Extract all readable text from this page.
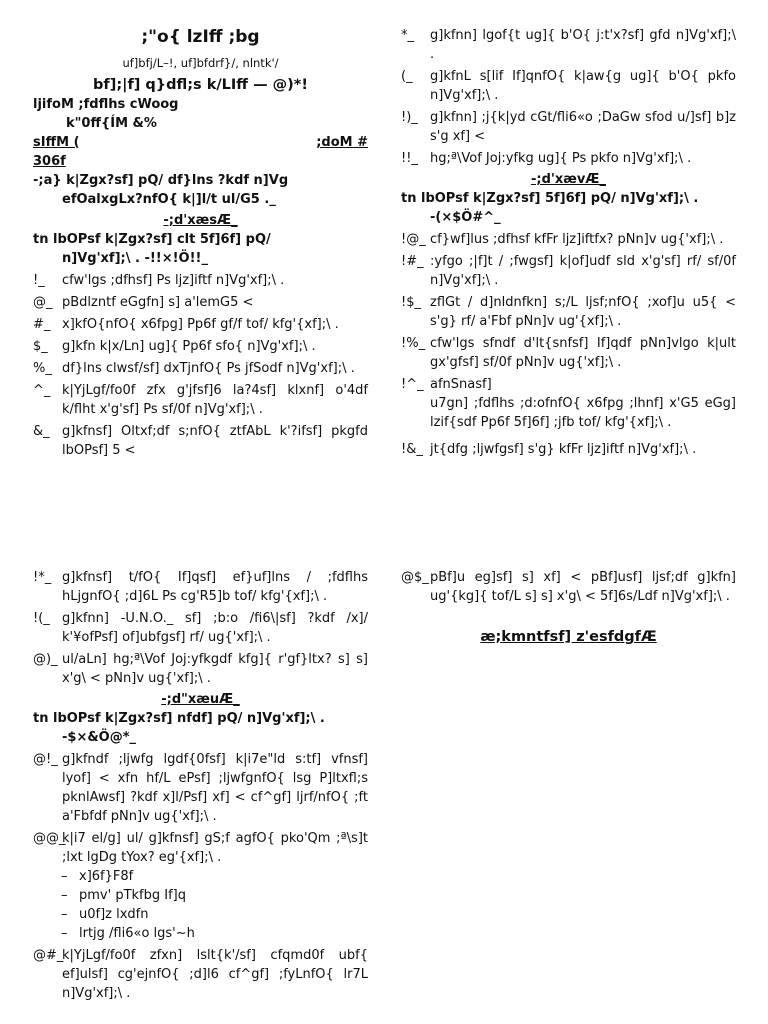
;"o{ lzIff ;bg
uf]bfj/L–!, uf]bfdrf}/, nlntk'/
bf];|f] q}dfl;s k/LIff — @)*!
ljifoM ;fdflhs cWoog
k"0ff{ÍM &%
sIffM (	;doM #
306f
-;a} k|Zgx?sf] pQ/ df}lns ?kdf n]Vg
efOalxgLx?nfO{ k|]l/t ul/G5 ._
-;d'xæsÆ_
tn lbOPsf k|Zgx?sf] clt 5f]6f] pQ/
n]Vg'xf];\ . -!!×!Ö!!_
!_ cfw'lgs ;dfhsf] Ps ljz]iftf n]Vg'xf];\ .
@_ pBdlzntf eGgfn] s] a'lemG5 <
#_ x]kfO{nfO{ x6fpg] Pp6f gf/f tof/ kfg'{xf];\ .
$_ g]kfn k|x/Ln] ug]{ Pp6f sfo{ n]Vg'xf];\ .
%_ df}lns clwsf/sf] dxTjnfO{ Ps jfSodf n]Vg'xf];\ .
^_ k|YjLgf/fo0f zfx g'jfsf]6 la?4sf] klxnf] o'4df k/flht x'g'sf] Ps sf/0f n]Vg'xf];\ .
&_ g]kfnsf] Oltxf;df s;nfO{ ztfAbL k'?ifsf] pkgfd lbOPsf] 5 <
*_ g]kfnn] lgof{t ug]{ b'O{ j:t'x?sf] gfd n]Vg'xf];\ .
(_ g]kfnL s[lif If]qnfO{ k|aw{g ug]{ b'O{ pkfo n]Vg'xf];\ .
!)_ g]kfnn] ;j{k|yd cGt/fli6«o ;DaGw sfod u/]sf] b]z s'g xf] <
!!_ hg;ª\Vof Joj:yfkg ug]{ Ps pkfo n]Vg'xf];\ .
-;d'xævÆ_
tn lbOPsf k|Zgx?sf] 5f]6f] pQ/ n]Vg'xf];\ .
-(×$Ö#^_
!@_ cf}wf]lus ;dfhsf kfFr ljz]iftfx? pNn]v ug{'xf];\ .
!#_ :yfgo ;|f]t / ;fwgsf] k|of]udf sld x'g'sf] rf/ sf/0f n]Vg'xf];\ .
!$_ zflGt / d]nldnfkn] s;/L ljsf;nfO{ ;xof]u u5{ < s'g} rf/ a'Fbf pNn]v ug'{xf];\ .
!%_ cfw'lgs sfndf d'lt{snfsf] If]qdf pNn]vlgo k|ult gx'gfsf] sf/0f pNn]v ug{'xf];\ .
!^_ afnSnasf]
u7gn] ;fdflhs ;d:ofnfO{ x6fpg ;lhnf] x'G5 eGg] lzif{sdf Pp6f 5f]6f] ;jfb tof/ kfg'{xf];\ .
!&_ jt{dfg ;ljwfgsf] s'g} kfFr ljz]iftf n]Vg'xf];\ .
!*_ g]kfnsf] t/fO{ If]qsf] ef}uf]lns / ;fdflhs hLjgnfO{ ;d]6L Ps cg'R5]b tof/ kfg'{xf];\ .
!(_ g]kfnn] -U.N.O._ sf] ;b:o /fi6\|sf] ?kdf /x]/ k'¥ofPsf] of]ubfgsf] rf/ ug{'xf];\ .
@)_ ul/aLn] hg;ª\Vof Joj:yfkgdf kfg]{ r'gf}ltx? s] s] x'g\ < pNn]v ug{'xf];\ .
-;d"xæuÆ_
tn lbOPsf k|Zgx?sf] nfdf] pQ/ n]Vg'xf];\ .
-$×&Ö@*_
@!_ g]kfndf ;ljwfg lgdf{0fsf] k|i7e"ld s:tf] vfnsf] lyof] < xfn hf/L ePsf] ;ljwfgnfO{ lsg P]ltxfl;s pknlAwsf] ?kdf x]l/Psf] xf] < cf^gf] ljrf/nfO{ ;ft a'Fbfdf pNn]v ug{'xf];\ .
@@_
k|i7 el/g] ul/ g]kfnsf] gS;f agfO{ pko'Qm ;ª\s]t ;lxt lgDg tYox? eg'{xf];\ .
– x]6f}F8f
– pmv' pTkfbg If]q
– u0f]z lxdfn
– lrtjg /fli6«o lgs'~h
@#_
k|YjLgf/fo0f zfxn] lslt{k'/sf] cfqmd0f ubf{ ef]ulsf] cg'ejnfO{ ;d]l6 cf^gf] ;fyLnfO{ lr7L n]Vg'xf];\ .
@$_ pBf]u eg]sf] s] xf] < pBf]usf] ljsf;df g]kfn] ug'{kg]{ tof/L s] s] x'g\ < 5f]6s/Ldf n]Vg'xf];\ .
æ;kmntfsf] z'esfdgfÆ
